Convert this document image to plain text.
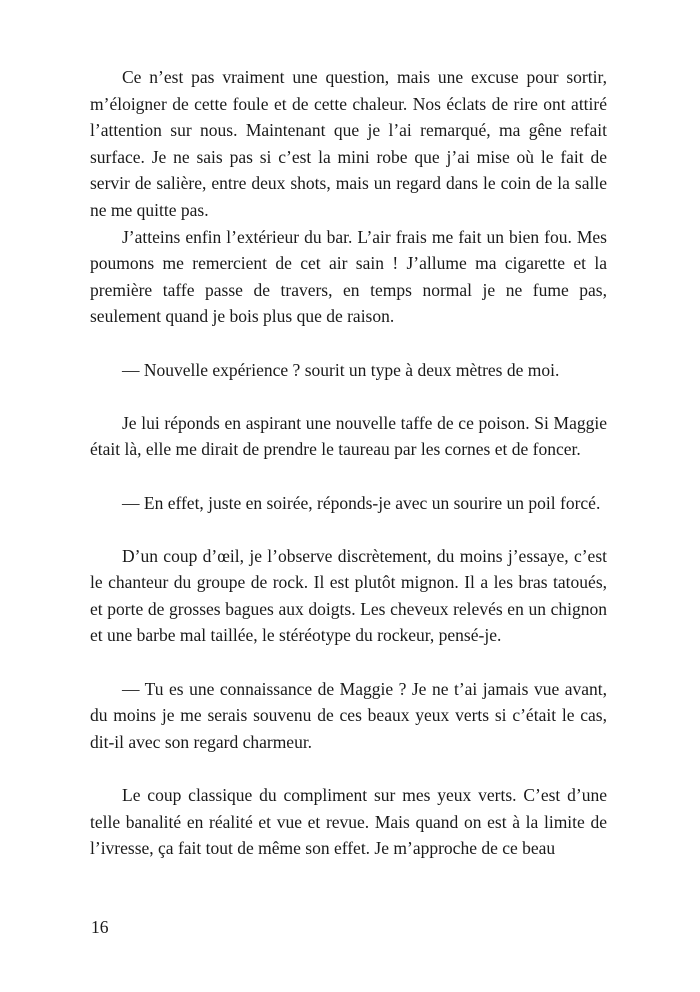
Ce n’est pas vraiment une question, mais une excuse pour sortir, m’éloigner de cette foule et de cette chaleur. Nos éclats de rire ont attiré l’attention sur nous. Maintenant que je l’ai remarqué, ma gêne refait surface. Je ne sais pas si c’est la mini robe que j’ai mise où le fait de servir de salière, entre deux shots, mais un regard dans le coin de la salle ne me quitte pas.

J’atteins enfin l’extérieur du bar. L’air frais me fait un bien fou. Mes poumons me remercient de cet air sain ! J’allume ma cigarette et la première taffe passe de travers, en temps normal je ne fume pas, seulement quand je bois plus que de raison.

— Nouvelle expérience ? sourit un type à deux mètres de moi.

Je lui réponds en aspirant une nouvelle taffe de ce poison. Si Maggie était là, elle me dirait de prendre le taureau par les cornes et de foncer.

— En effet, juste en soirée, réponds-je avec un sourire un poil forcé.

D’un coup d’œil, je l’observe discrètement, du moins j’essaye, c’est le chanteur du groupe de rock. Il est plutôt mignon. Il a les bras tatoués, et porte de grosses bagues aux doigts. Les cheveux relevés en un chignon et une barbe mal taillée, le stéréotype du rockeur, pensé-je.

— Tu es une connaissance de Maggie ? Je ne t’ai jamais vue avant, du moins je me serais souvenu de ces beaux yeux verts si c’était le cas, dit-il avec son regard charmeur.

Le coup classique du compliment sur mes yeux verts. C’est d’une telle banalité en réalité et vue et revue. Mais quand on est à la limite de l’ivresse, ça fait tout de même son effet. Je m’approche de ce beau

16
